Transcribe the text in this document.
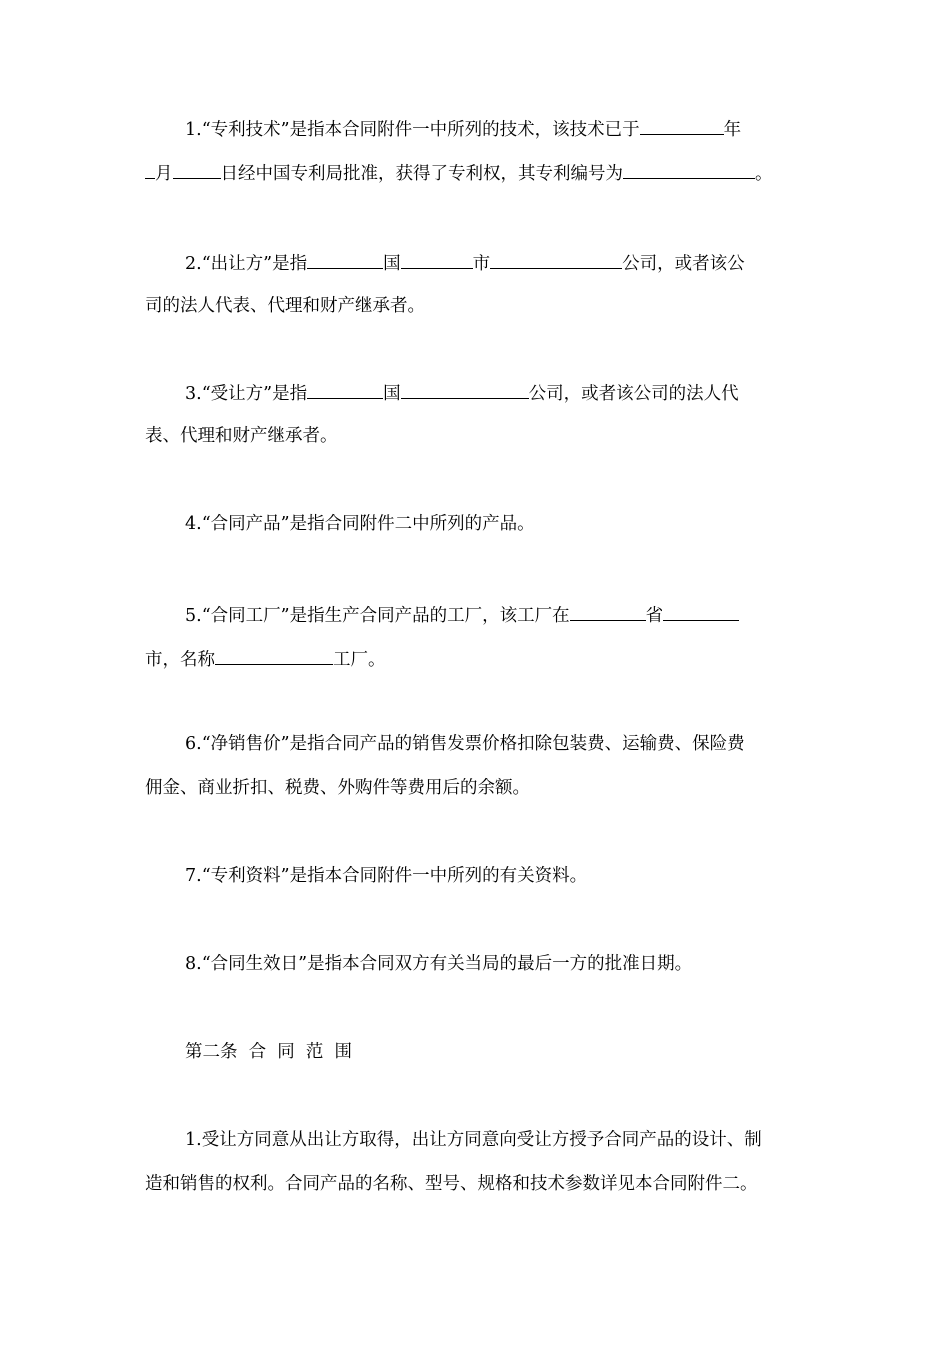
1.“专利技术”是指本合同附件一中所列的技术，该技术已于	年
月	日经中国专利局批准，获得了专利权，其专利编号为	。
2.“出让方”是指	国	市	公司，或者该公
司的法人代表、代理和财产继承者。
3.“受让方”是指	国	公司，或者该公司的法人代
表、代理和财产继承者。
4.“合同产品”是指合同附件二中所列的产品。
5.“合同工厂”是指生产合同产品的工厂，该工厂在	省
市，名称	工厂。
6.“净销售价”是指合同产品的销售发票价格扣除包装费、运输费、保险费
佣金、商业折扣、税费、外购件等费用后的余额。
7.“专利资料”是指本合同附件一中所列的有关资料。
8.“合同生效日”是指本合同双方有关当局的最后一方的批准日期。
第二条  合  同  范  围
1.受让方同意从出让方取得，出让方同意向受让方授予合同产品的设计、制
造和销售的权利。合同产品的名称、型号、规格和技术参数详见本合同附件二。
